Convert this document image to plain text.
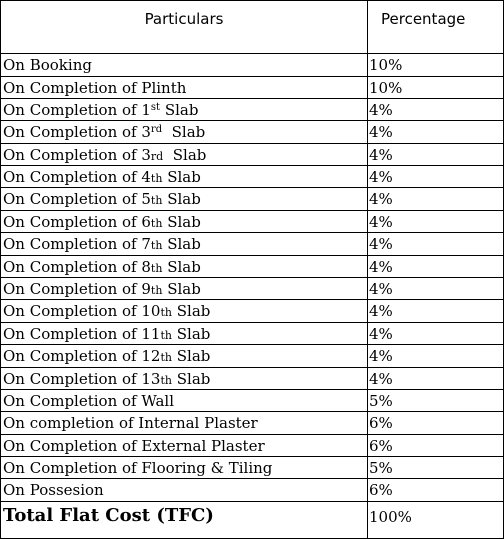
Particulars	Percentage
On Booking	10%
On Completion of Plinth	10%
On Completion of 1st Slab	4%
On Completion of 3rd  Slab	4%
On Completion of 3rd  Slab	4%
On Completion of 4th Slab	4%
On Completion of 5th Slab	4%
On Completion of 6th Slab	4%
On Completion of 7th Slab	4%
On Completion of 8th Slab	4%
On Completion of 9th Slab	4%
On Completion of 10th Slab	4%
On Completion of 11th Slab	4%
On Completion of 12th Slab	4%
On Completion of 13th Slab	4%
On Completion of Wall	5%
On completion of Internal Plaster	6%
On Completion of External Plaster	6%
On Completion of Flooring & Tiling	5%
On Possesion	6%
Total Flat Cost (TFC)	100%
